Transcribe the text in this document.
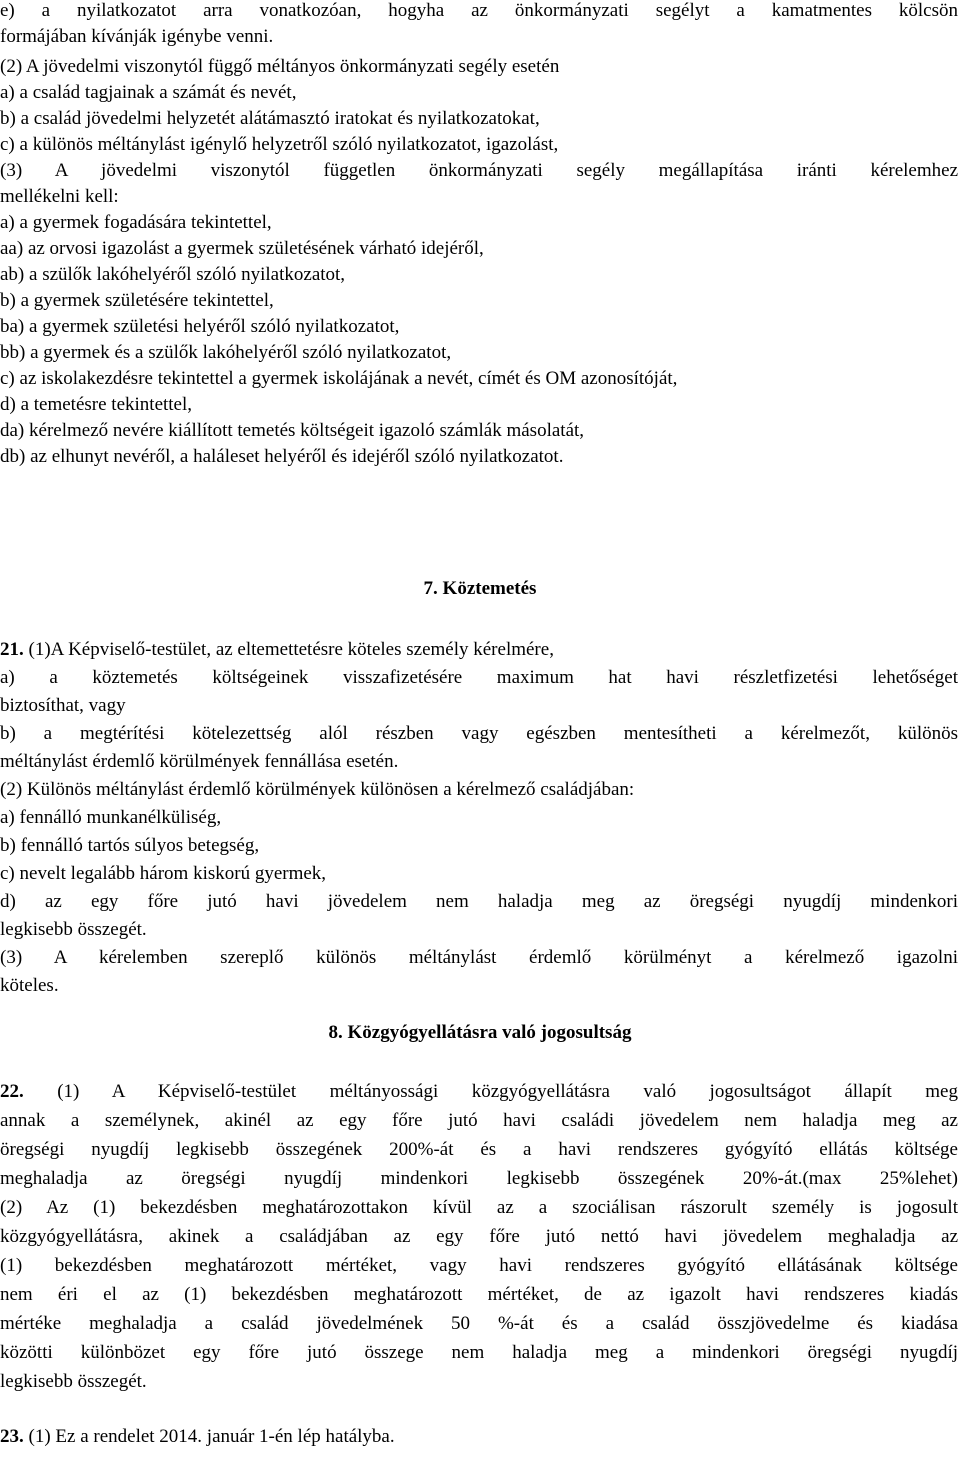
e) a nyilatkozatot arra vonatkozóan, hogyha az önkormányzati segélyt a kamatmentes kölcsön
formájában kívánják igénybe venni.
(2) A jövedelmi viszonytól függő méltányos önkormányzati segély esetén
a) a család tagjainak a számát és nevét,
b) a család jövedelmi helyzetét alátámasztó iratokat és nyilatkozatokat,
c) a különös méltánylást igénylő helyzetről szóló nyilatkozatot, igazolást,
(3) A jövedelmi viszonytól független önkormányzati segély megállapítása iránti kérelemhez
mellékelni kell:
a) a gyermek fogadására tekintettel,
aa) az orvosi igazolást a gyermek születésének várható idejéről,
ab) a szülők lakóhelyéről szóló nyilatkozatot,
b) a gyermek születésére tekintettel,
ba) a gyermek születési helyéről szóló nyilatkozatot,
bb) a gyermek és a szülők lakóhelyéről szóló nyilatkozatot,
c) az iskolakezdésre tekintettel a gyermek iskolájának a nevét, címét és OM azonosítóját,
d) a temetésre tekintettel,
da) kérelmező nevére kiállított temetés költségeit igazoló számlák másolatát,
db) az elhunyt nevéről, a haláleset helyéről és idejéről szóló nyilatkozatot.
7. Köztemetés
21. (1)A Képviselő-testület, az eltemettetésre köteles személy kérelmére,
a) a köztemetés költségeinek visszafizetésére maximum hat havi részletfizetési lehetőséget
biztosíthat, vagy
b) a megtérítési kötelezettség alól részben vagy egészben mentesítheti a kérelmezőt, különös
méltánylást érdemlő körülmények fennállása esetén.
(2) Különös méltánylást érdemlő körülmények különösen a kérelmező családjában:
a) fennálló munkanélküliség,
b) fennálló tartós súlyos betegség,
c) nevelt legalább három kiskorú gyermek,
d) az egy főre jutó havi jövedelem nem haladja meg az öregségi nyugdíj mindenkori
legkisebb összegét.
(3) A kérelemben szereplő különös méltánylást érdemlő körülményt a kérelmező igazolni
köteles.
8. Közgyógyellátásra való jogosultság
22. (1) A Képviselő-testület méltányossági közgyógyellátásra való jogosultságot állapít meg
annak a személynek, akinél az egy főre jutó havi családi jövedelem nem haladja meg az
öregségi nyugdíj legkisebb összegének 200%-át és a havi rendszeres gyógyító ellátás költsége
meghaladja az öregségi nyugdíj mindenkori legkisebb összegének 20%-át.(max 25%lehet)
(2) Az (1) bekezdésben meghatározottakon kívül az a szociálisan rászorult személy is jogosult
közgyógyellátásra, akinek a családjában az egy főre jutó nettó havi jövedelem meghaladja az
(1) bekezdésben meghatározott mértéket, vagy havi rendszeres gyógyító ellátásának költsége
nem éri el az (1) bekezdésben meghatározott mértéket, de az igazolt havi rendszeres kiadás
mértéke meghaladja a család jövedelmének 50 %-át és a család összjövedelme és kiadása
közötti különbözet egy főre jutó összege nem haladja meg a mindenkori öregségi nyugdíj
legkisebb összegét.
23. (1) Ez a rendelet 2014. január 1-én lép hatályba.
